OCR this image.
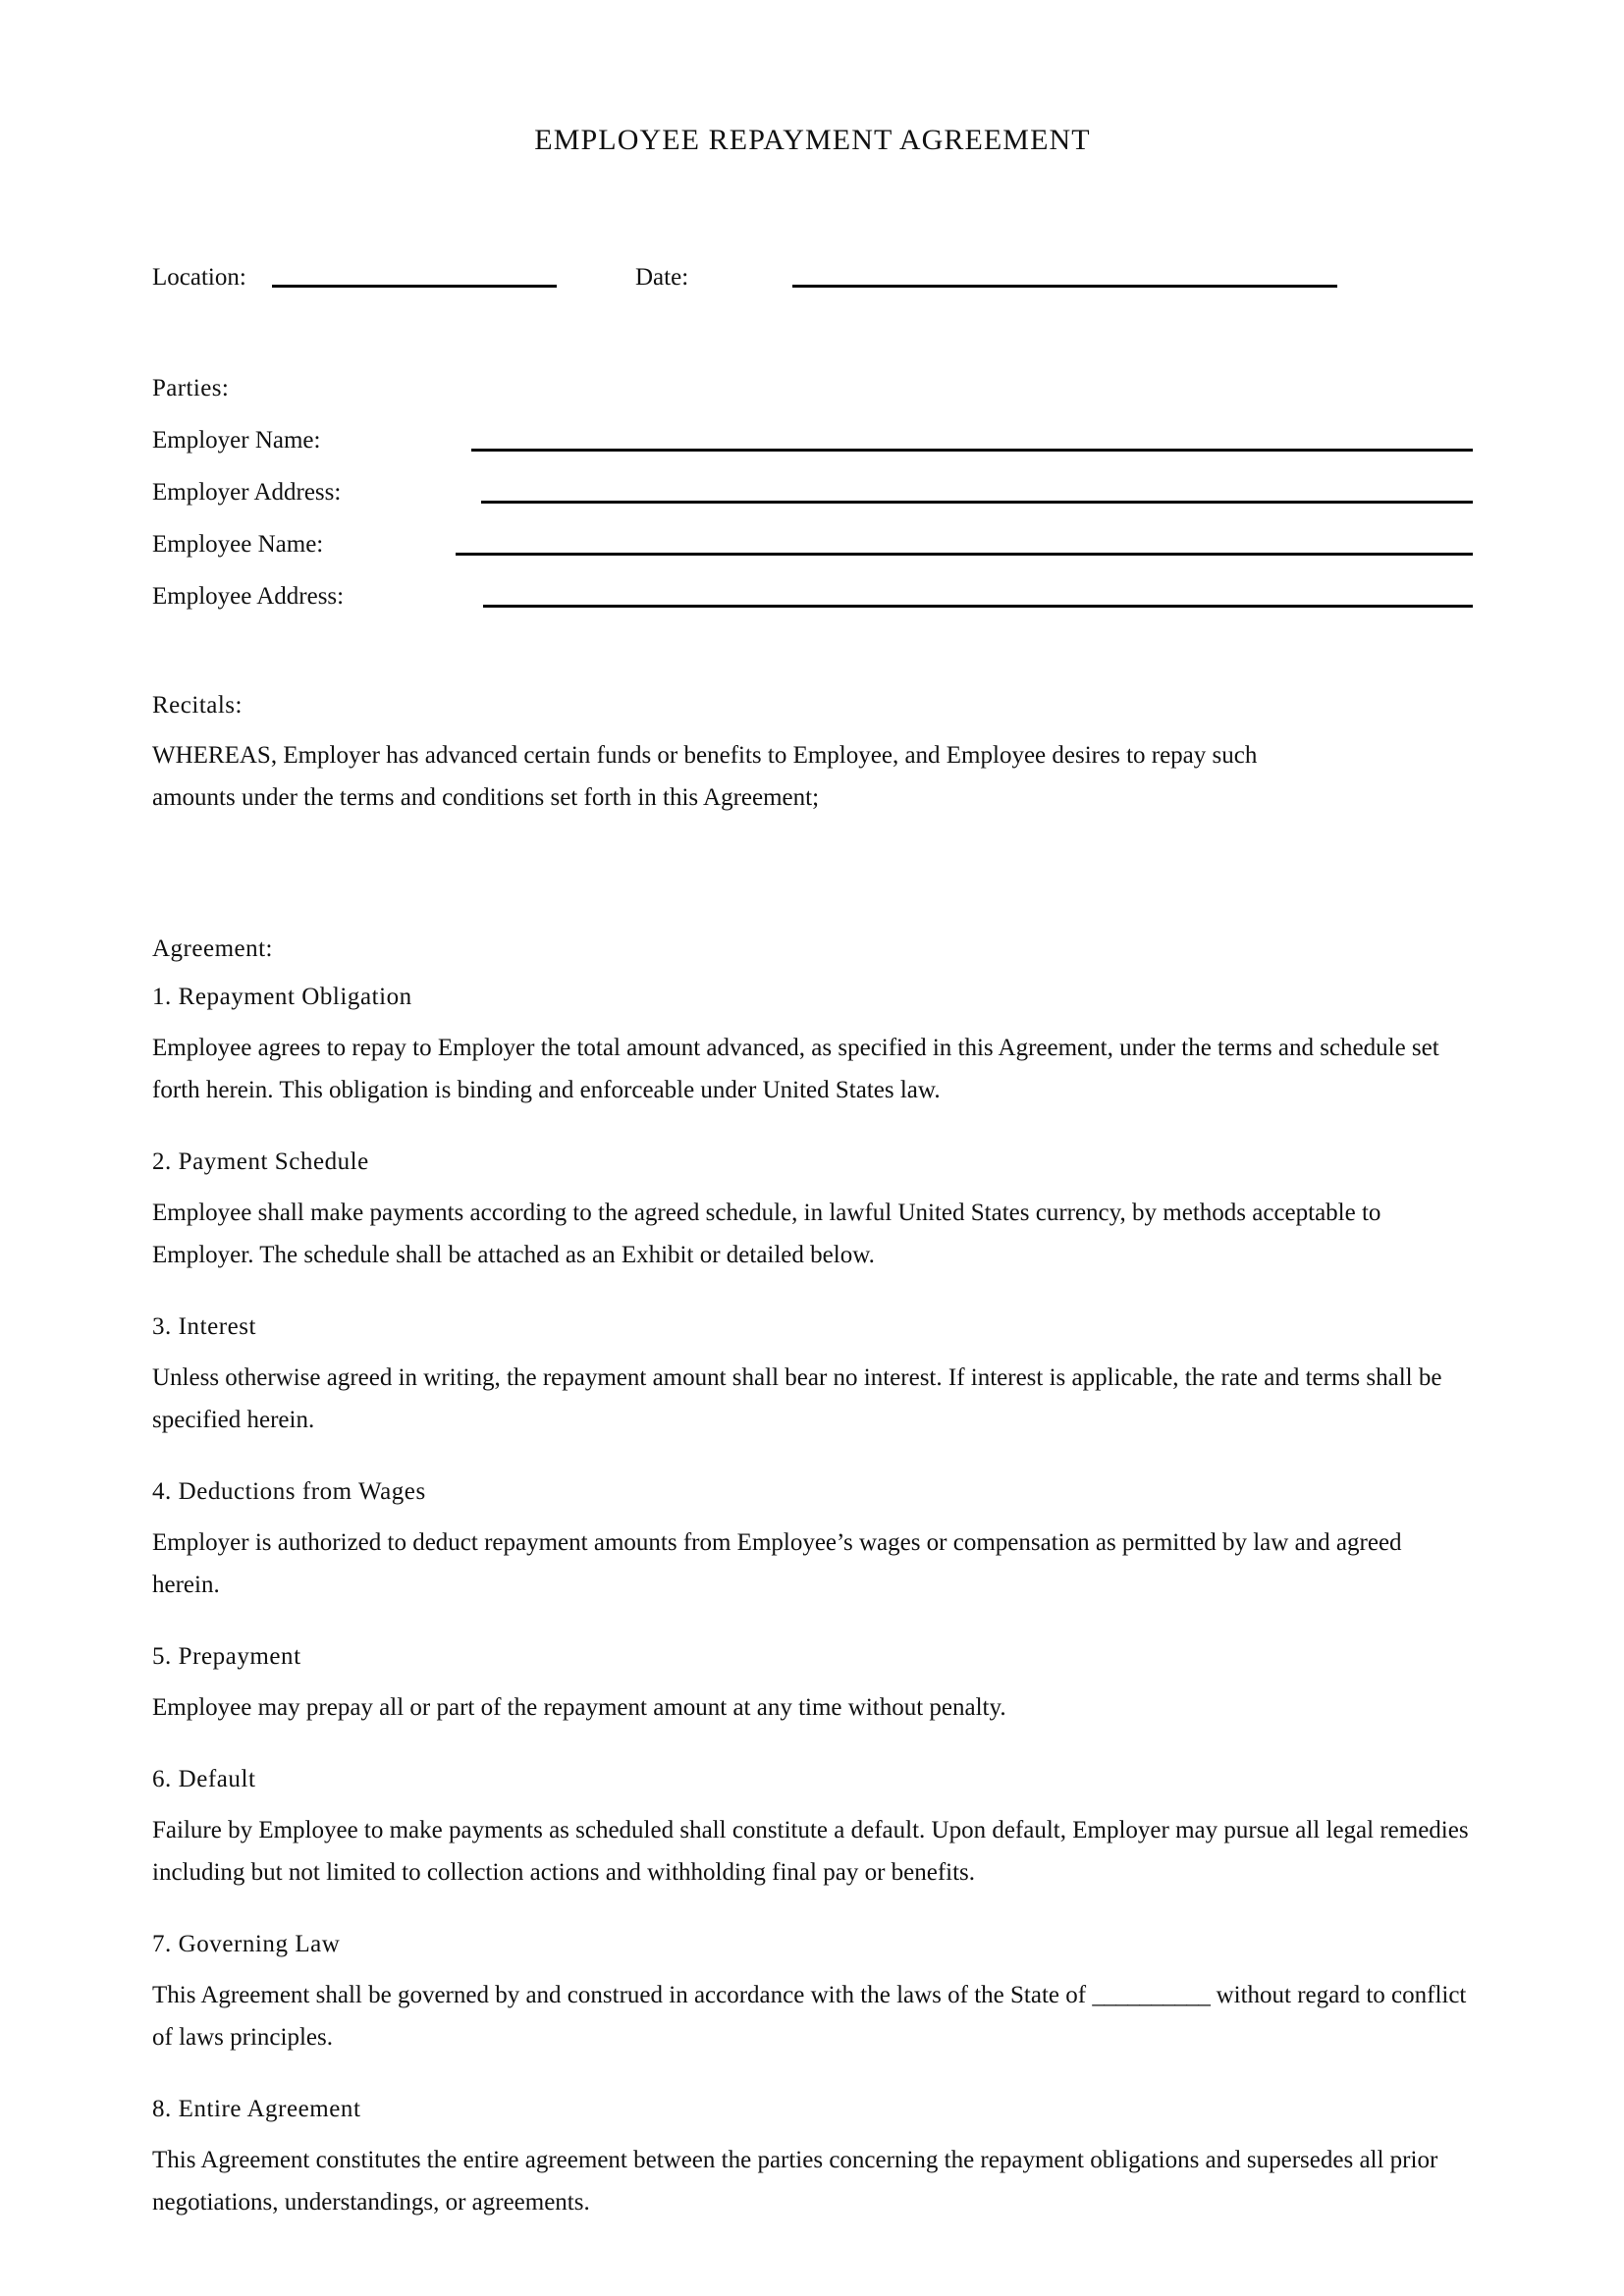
EMPLOYEE REPAYMENT AGREEMENT
Location:	Date:
Parties:
Employer Name:
Employer Address:
Employee Name:
Employee Address:
Recitals:

WHEREAS, Employer has advanced certain funds or benefits to Employee, and Employee desires to repay such amounts under the terms and conditions set forth in this Agreement;

Agreement:
1. Repayment Obligation

Employee agrees to repay to Employer the total amount advanced, as specified in this Agreement, under the terms and schedule set forth herein. This obligation is binding and enforceable under United States law.

2. Payment Schedule

Employee shall make payments according to the agreed schedule, in lawful United States currency, by methods acceptable to Employer. The schedule shall be attached as an Exhibit or detailed below.

3. Interest

Unless otherwise agreed in writing, the repayment amount shall bear no interest. If interest is applicable, the rate and terms shall be specified herein.

4. Deductions from Wages

Employer is authorized to deduct repayment amounts from Employee’s wages or compensation as permitted by law and agreed herein.

5. Prepayment

Employee may prepay all or part of the repayment amount at any time without penalty.

6. Default

Failure by Employee to make payments as scheduled shall constitute a default. Upon default, Employer may pursue all legal remedies including but not limited to collection actions and withholding final pay or benefits.

7. Governing Law

This Agreement shall be governed by and construed in accordance with the laws of the State of __________ without regard to conflict of laws principles.

8. Entire Agreement

This Agreement constitutes the entire agreement between the parties concerning the repayment obligations and supersedes all prior negotiations, understandings, or agreements.
